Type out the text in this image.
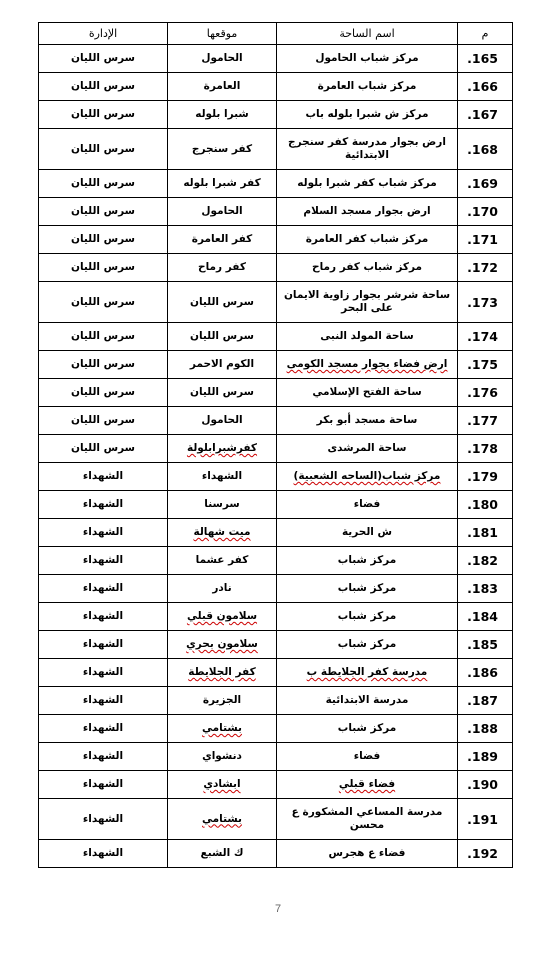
م	اسم الساحة	موقعها	الإدارة
.165	مركز شباب الحامول	الحامول	سرس الليان
.166	مركز شباب العامرة	العامرة	سرس الليان
.167	مركز ش شبرا بلوله باب	شبرا بلوله	سرس الليان
.168	ارض بجوار مدرسة كفر سنجرج الابتدائية	كفر سنجرج	سرس الليان
.169	مركز شباب كفر شبرا بلوله	كفر شبرا بلوله	سرس الليان
.170	ارض بجوار مسجد السلام	الحامول	سرس الليان
.171	مركز شباب كفر العامرة	كفر العامرة	سرس الليان
.172	مركز شباب كفر رماح	كفر رماح	سرس الليان
.173	ساحة شرشر بجوار زاوية الايمان على البحر	سرس الليان	سرس الليان
.174	ساحة المولد النبى	سرس الليان	سرس الليان
.175	ارض فضاء بجوار مسجد الكومى	الكوم الاحمر	سرس الليان
.176	ساحة الفتح الإسلامي	سرس الليان	سرس الليان
.177	ساحة مسجد أبو بكر	الحامول	سرس الليان
.178	ساحة المرشدى	كفرشبرابلولة	سرس الليان
.179	مركز شباب(الساحه الشعبية)	الشهداء	الشهداء
.180	فضاء	سرسنا	الشهداء
.181	ش الحرية	ميت شهالة	الشهداء
.182	مركز شباب	كفر عشما	الشهداء
.183	مركز شباب	نادر	الشهداء
.184	مركز شباب	سلامون قبلي	الشهداء
.185	مركز شباب	سلامون بحري	الشهداء
.186	مدرسة كفر الجلايطة ب	كفر الجلايطة	الشهداء
.187	مدرسة الابتدائية	الجزيرة	الشهداء
.188	مركز شباب	بشتامي	الشهداء
.189	فضاء	دنشواي	الشهداء
.190	فضاء قبلي	ابشادي	الشهداء
.191	مدرسة المساعي المشكورة ع محسن	بشتامي	الشهداء
.192	فضاء ع هجرس	ك الشبع	الشهداء
7
